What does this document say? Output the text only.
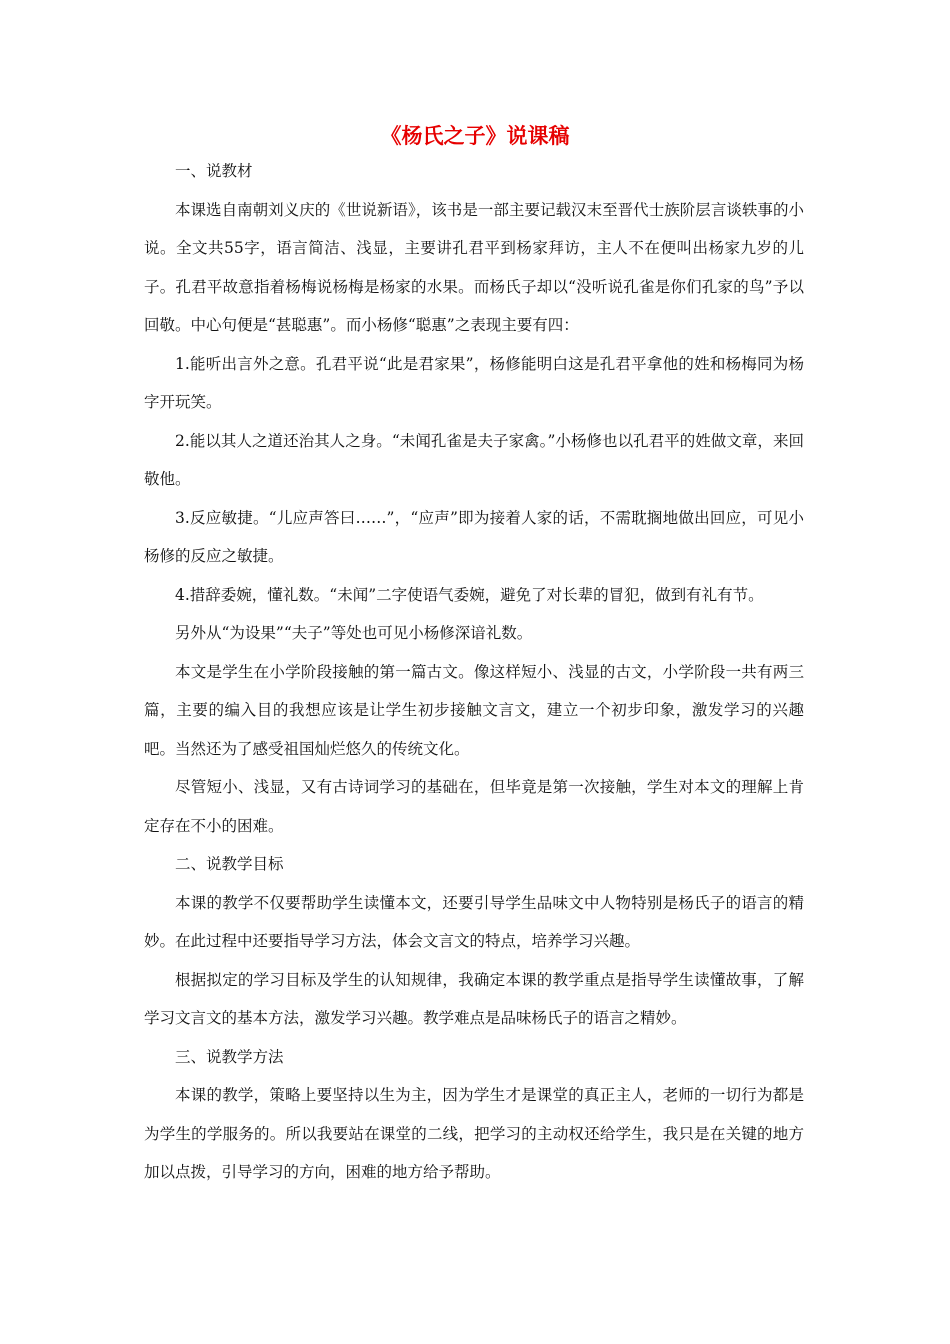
《杨氏之子》说课稿

一、说教材

本课选自南朝刘义庆的《世说新语》，该书是一部主要记载汉末至晋代士族阶层言谈轶事的小说。全文共55字，语言简洁、浅显，主要讲孔君平到杨家拜访，主人不在便叫出杨家九岁的儿子。孔君平故意指着杨梅说杨梅是杨家的水果。而杨氏子却以“没听说孔雀是你们孔家的鸟”予以回敬。中心句便是“甚聪惠”。而小杨修“聪惠”之表现主要有四：

1.能听出言外之意。孔君平说“此是君家果”，杨修能明白这是孔君平拿他的姓和杨梅同为杨字开玩笑。

2.能以其人之道还治其人之身。“未闻孔雀是夫子家禽。”小杨修也以孔君平的姓做文章，来回敬他。

3.反应敏捷。“儿应声答曰……”，“应声”即为接着人家的话，不需耽搁地做出回应，可见小杨修的反应之敏捷。

4.措辞委婉，懂礼数。“未闻”二字使语气委婉，避免了对长辈的冒犯，做到有礼有节。

另外从“为设果”“夫子”等处也可见小杨修深谙礼数。

本文是学生在小学阶段接触的第一篇古文。像这样短小、浅显的古文，小学阶段一共有两三篇，主要的编入目的我想应该是让学生初步接触文言文，建立一个初步印象，激发学习的兴趣吧。当然还为了感受祖国灿烂悠久的传统文化。

尽管短小、浅显，又有古诗词学习的基础在，但毕竟是第一次接触，学生对本文的理解上肯定存在不小的困难。

二、说教学目标

本课的教学不仅要帮助学生读懂本文，还要引导学生品味文中人物特别是杨氏子的语言的精妙。在此过程中还要指导学习方法，体会文言文的特点，培养学习兴趣。

根据拟定的学习目标及学生的认知规律，我确定本课的教学重点是指导学生读懂故事，了解学习文言文的基本方法，激发学习兴趣。教学难点是品味杨氏子的语言之精妙。

三、说教学方法

本课的教学，策略上要坚持以生为主，因为学生才是课堂的真正主人，老师的一切行为都是为学生的学服务的。所以我要站在课堂的二线，把学习的主动权还给学生，我只是在关键的地方加以点拨，引导学习的方向，困难的地方给予帮助。
